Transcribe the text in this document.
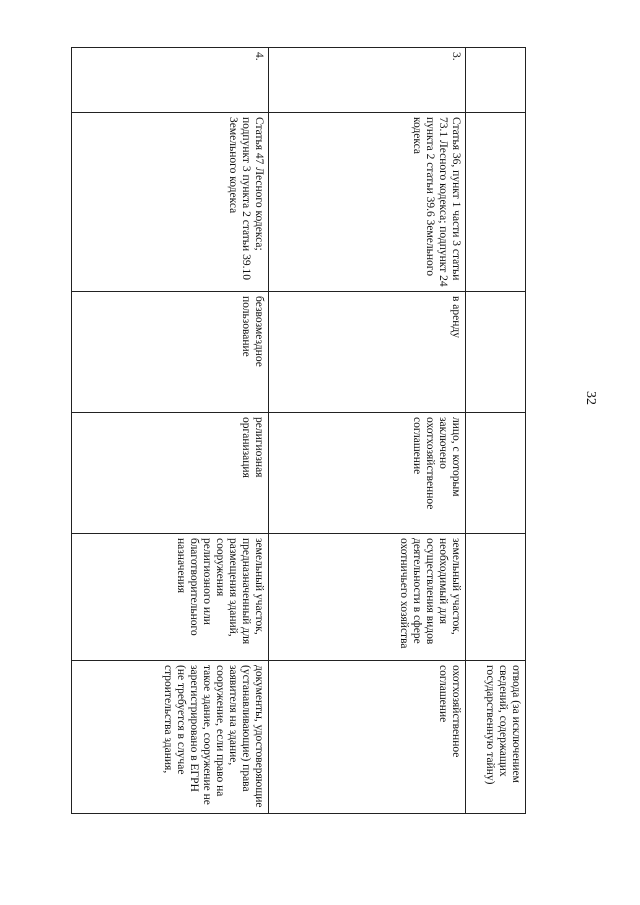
32
					отвода (за исключением сведений, содержащих государственную тайну)
3.	Статья 36, пункт 1 части 3 статьи 73.1 Лесного кодекса; подпункт 24 пункта 2 статьи 39.6 Земельного кодекса	в аренду	лицо, с которым заключено охотхозяйственное соглашение	земельный участок, необходимый для осуществления видов деятельности в сфере охотничьего хозяйства	охотхозяйственное соглашение
4.	Статья 47 Лесного кодекса; подпункт 3 пункта 2 статьи 39.10 Земельного кодекса	безвозмездное пользование	религиозная организация	земельный участок, предназначенный для размещения зданий, сооружения религиозного или благотворительного назначения	документы, удостоверяющие (устанавливающие) права заявителя на здание, сооружение, если право на такое здание, сооружение не зарегистрировано в ЕГРН (не требуется в случае строительства здания,
